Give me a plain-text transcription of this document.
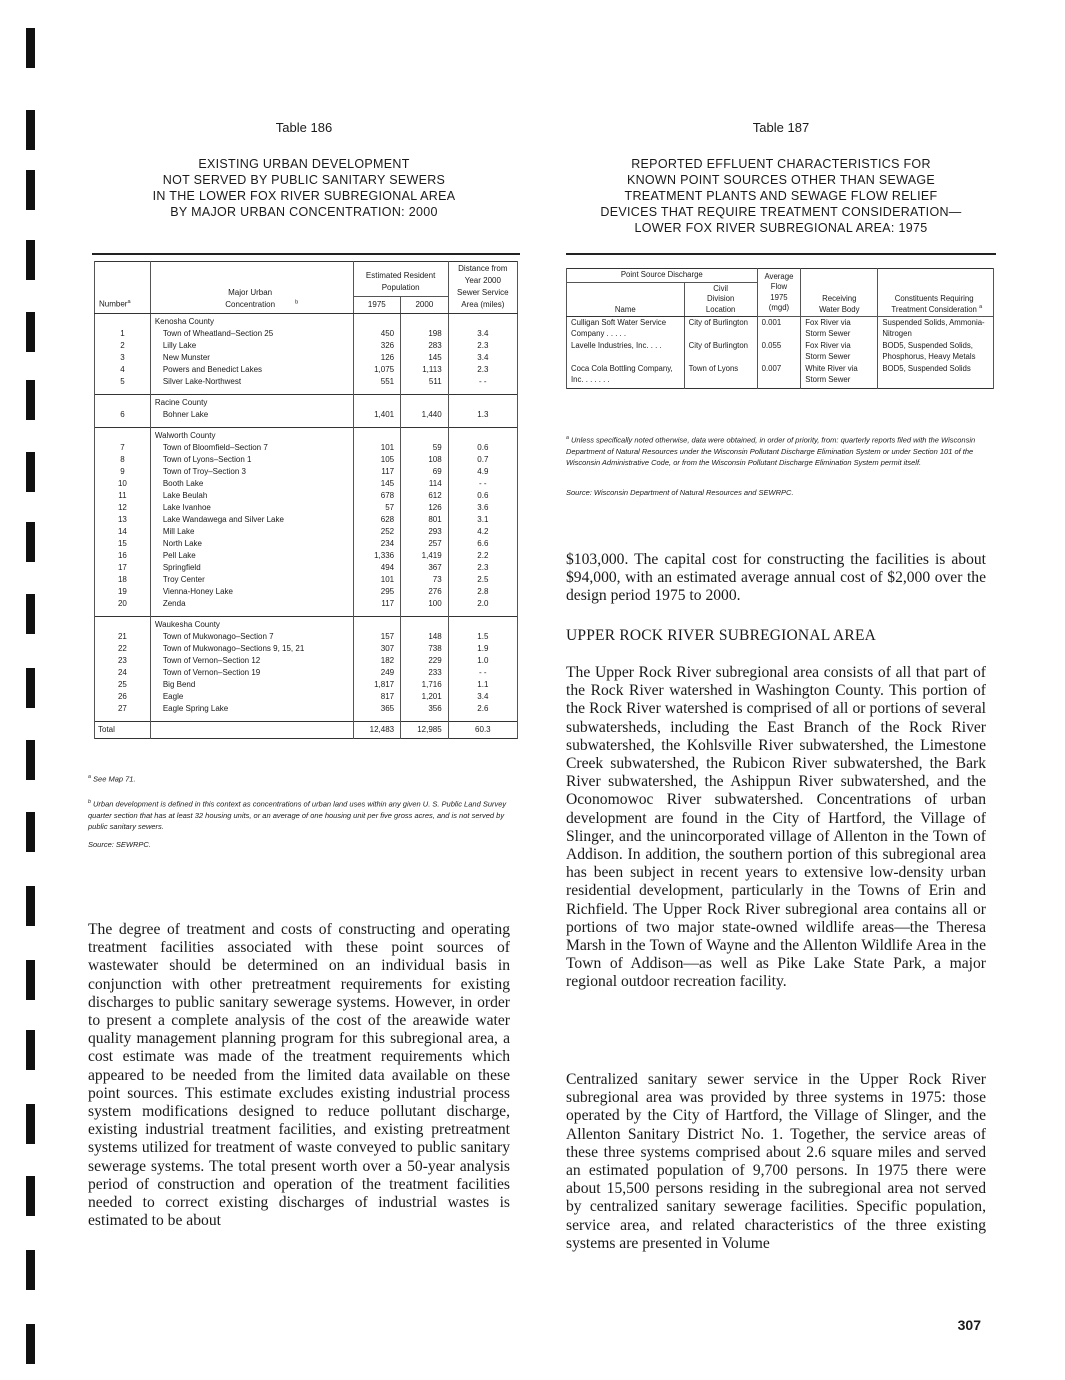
Table 186
EXISTING URBAN DEVELOPMENT
NOT SERVED BY PUBLIC SANITARY SEWERS
IN THE LOWER FOX RIVER SUBREGIONAL AREA
BY MAJOR URBAN CONCENTRATION: 2000
Number$^a$	Major Urban Concentration $^b$	Estimated Resident Population		Distance from Year 2000 Sewer Service Area (miles)
		1975	2000	
	Kenosha County			
1	Town of Wheatland–Section 25	450	198	3.4
2	Lilly Lake	326	283	2.3
3	New Munster	126	145	3.4
4	Powers and Benedict Lakes	1,075	1,113	2.3
5	Silver Lake-Northwest	551	511	- -
	Racine County			
6	Bohner Lake	1,401	1,440	1.3
	Walworth County			
7	Town of Bloomfield–Section 7	101	59	0.6
8	Town of Lyons–Section 1	105	108	0.7
9	Town of Troy–Section 3	117	69	4.9
10	Booth Lake	145	114	- -
11	Lake Beulah	678	612	0.6
12	Lake Ivanhoe	57	126	3.6
13	Lake Wandawega and Silver Lake	628	801	3.1
14	Mill Lake	252	293	4.2
15	North Lake	234	257	6.6
16	Pell Lake	1,336	1,419	2.2
17	Springfield	494	367	2.3
18	Troy Center	101	73	2.5
19	Vienna-Honey Lake	295	276	2.8
20	Zenda	117	100	2.0
	Waukesha County			
21	Town of Mukwonago–Section 7	157	148	1.5
22	Town of Mukwonago–Sections 9, 15, 21	307	738	1.9
23	Town of Vernon–Section 12	182	229	1.0
24	Town of Vernon–Section 19	249	233	- -
25	Big Bend	1,817	1,716	1.1
26	Eagle	817	1,201	3.4
27	Eagle Spring Lake	365	356	2.6
Total		12,483	12,985	60.3
$^a$ See Map 71.
$^b$ Urban development is defined in this context as concentrations of urban land uses within any given U. S. Public Land Survey quarter section that has at least 32 housing units, or an average of one housing unit per five gross acres, and is not served by public sanitary sewers.
Source: SEWRPC.

The degree of treatment and costs of constructing and operating treatment facilities associated with these point sources of wastewater should be determined on an individual basis in conjunction with other pretreatment requirements for existing discharges to public sanitary sewerage systems. However, in order to present a complete analysis of the cost of the areawide water quality management planning program for this subregional area, a cost estimate was made of the treatment requirements which appeared to be needed from the limited data available on these point sources. This estimate excludes existing industrial process system modifications designed to reduce pollutant discharge, existing industrial treatment facilities, and existing pretreatment systems utilized for treatment of waste conveyed to public sanitary sewerage systems. The total present worth over a 50-year analysis period of construction and operation of the treatment facilities needed to correct existing discharges of industrial wastes is estimated to be about

Table 187
REPORTED EFFLUENT CHARACTERISTICS FOR
KNOWN POINT SOURCES OTHER THAN SEWAGE
TREATMENT PLANTS AND SEWAGE FLOW RELIEF
DEVICES THAT REQUIRE TREATMENT CONSIDERATION—
LOWER FOX RIVER SUBREGIONAL AREA: 1975
Point Source Discharge		Average Flow 1975 (mgd)	Receiving Water Body	Constituents Requiring Treatment Consideration $^a$
Name	Civil Division Location			
Culligan Soft Water Service Company . . . . .	City of Burlington	0.001	Fox River via Storm Sewer	Suspended Solids, Ammonia-Nitrogen
Lavelle Industries, Inc. . . .	City of Burlington	0.055	Fox River via Storm Sewer	BOD5, Suspended Solids, Phosphorus, Heavy Metals
Coca Cola Bottling Company, Inc. . . . . . .	Town of Lyons	0.007	White River via Storm Sewer	BOD5, Suspended Solids
$^a$ Unless specifically noted otherwise, data were obtained, in order of priority, from: quarterly reports filed with the Wisconsin Department of Natural Resources under the Wisconsin Pollutant Discharge Elimination System or under Section 101 of the Wisconsin Administrative Code, or from the Wisconsin Pollutant Discharge Elimination System permit itself.
Source: Wisconsin Department of Natural Resources and SEWRPC.

$103,000. The capital cost for constructing the facilities is about $94,000, with an estimated average annual cost of $2,000 over the design period 1975 to 2000.

UPPER ROCK RIVER SUBREGIONAL AREA

The Upper Rock River subregional area consists of all that part of the Rock River watershed in Washington County. This portion of the Rock River watershed is comprised of all or portions of several subwatersheds, including the East Branch of the Rock River subwatershed, the Kohlsville River subwatershed, the Limestone Creek subwatershed, the Rubicon River subwatershed, the Bark River subwatershed, the Ashippun River subwatershed, and the Oconomowoc River subwatershed. Concentrations of urban development are found in the City of Hartford, the Village of Slinger, and the unincorporated village of Allenton in the Town of Addison. In addition, the southern portion of this subregional area has been subject in recent years to extensive low-density urban residential development, particularly in the Towns of Erin and Richfield. The Upper Rock River subregional area contains all or portions of two major state-owned wildlife areas—the Theresa Marsh in the Town of Wayne and the Allenton Wildlife Area in the Town of Addison—as well as Pike Lake State Park, a major regional outdoor recreation facility.

Centralized sanitary sewer service in the Upper Rock River subregional area was provided by three systems in 1975: those operated by the City of Hartford, the Village of Slinger, and the Allenton Sanitary District No. 1. Together, the service areas of these three systems comprised about 2.6 square miles and served an estimated population of 9,700 persons. In 1975 there were about 15,500 persons residing in the subregional area not served by centralized sanitary sewerage facilities. Specific population, service area, and related characteristics of the three existing systems are presented in Volume

307
